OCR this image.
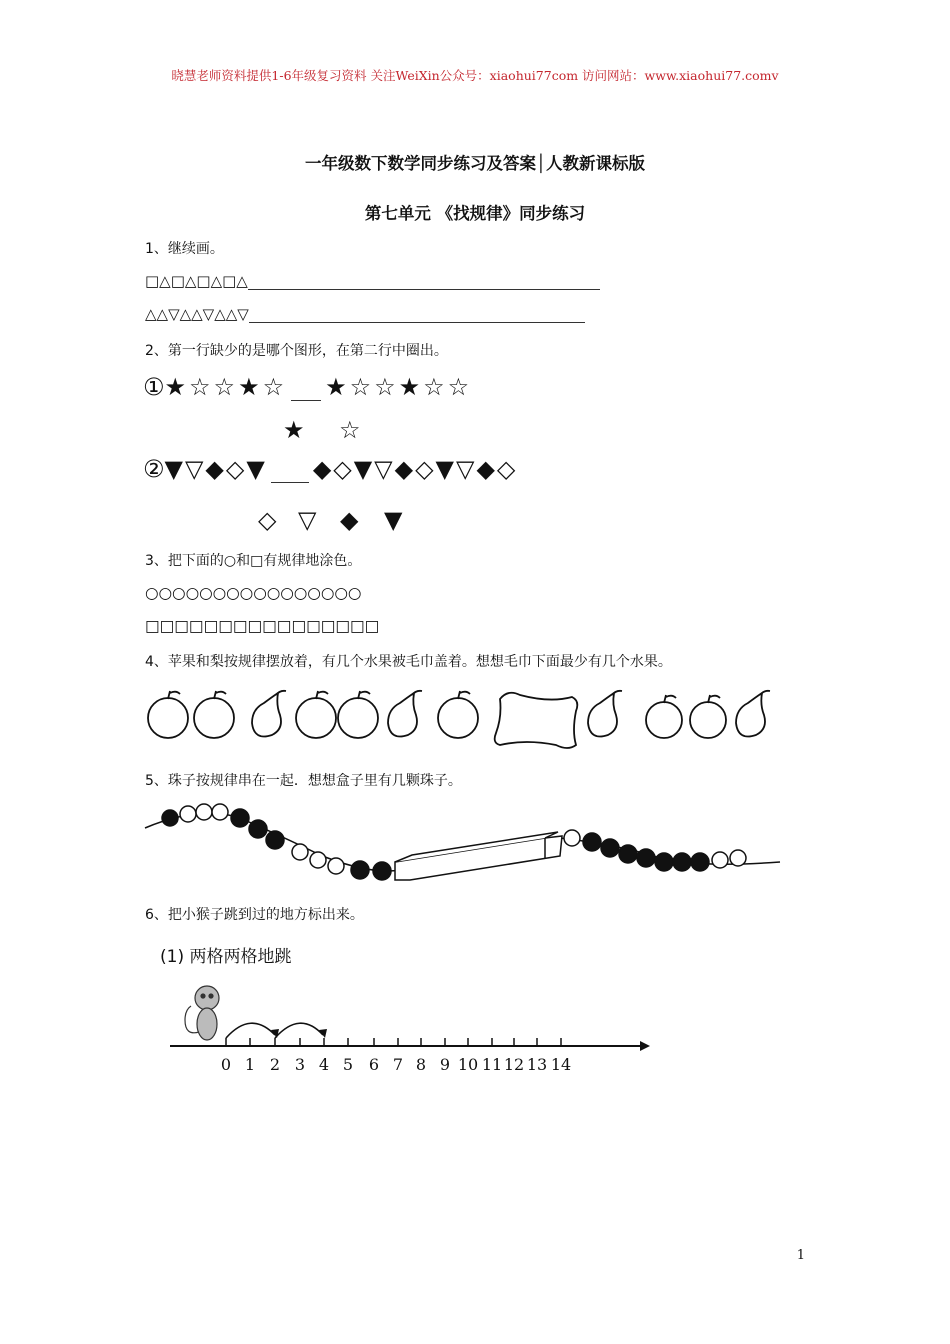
晓慧老师资料提供1-6年级复习资料 关注WeiXin公众号：xiaohui77com 访问网站：www.xiaohui77.comv
一年级数下数学同步练习及答案│人教新课标版
第七单元 《找规律》同步练习
1、继续画。
□△□△□△□△
△△▽△△▽△△▽
2、第一行缺少的是哪个图形，在第二行中圈出。
①★☆☆★☆ ★☆☆★☆☆
★ ☆
②▼▽◆◇▼ ◆◇▼▽◆◇▼▽◆◇
◇ ▽ ◆ ▼
3、把下面的○和□有规律地涂色。
○○○○○○○○○○○○○○○○
□□□□□□□□□□□□□□□□
4、苹果和梨按规律摆放着，有几个水果被毛巾盖着。想想毛巾下面最少有几个水果。
5、珠子按规律串在一起．想想盒子里有几颗珠子。
6、把小猴子跳到过的地方标出来。
(1) 两格两格地跳
0 1 2 3 4 5 6 7 8 9 10 11 12 13 14
1
